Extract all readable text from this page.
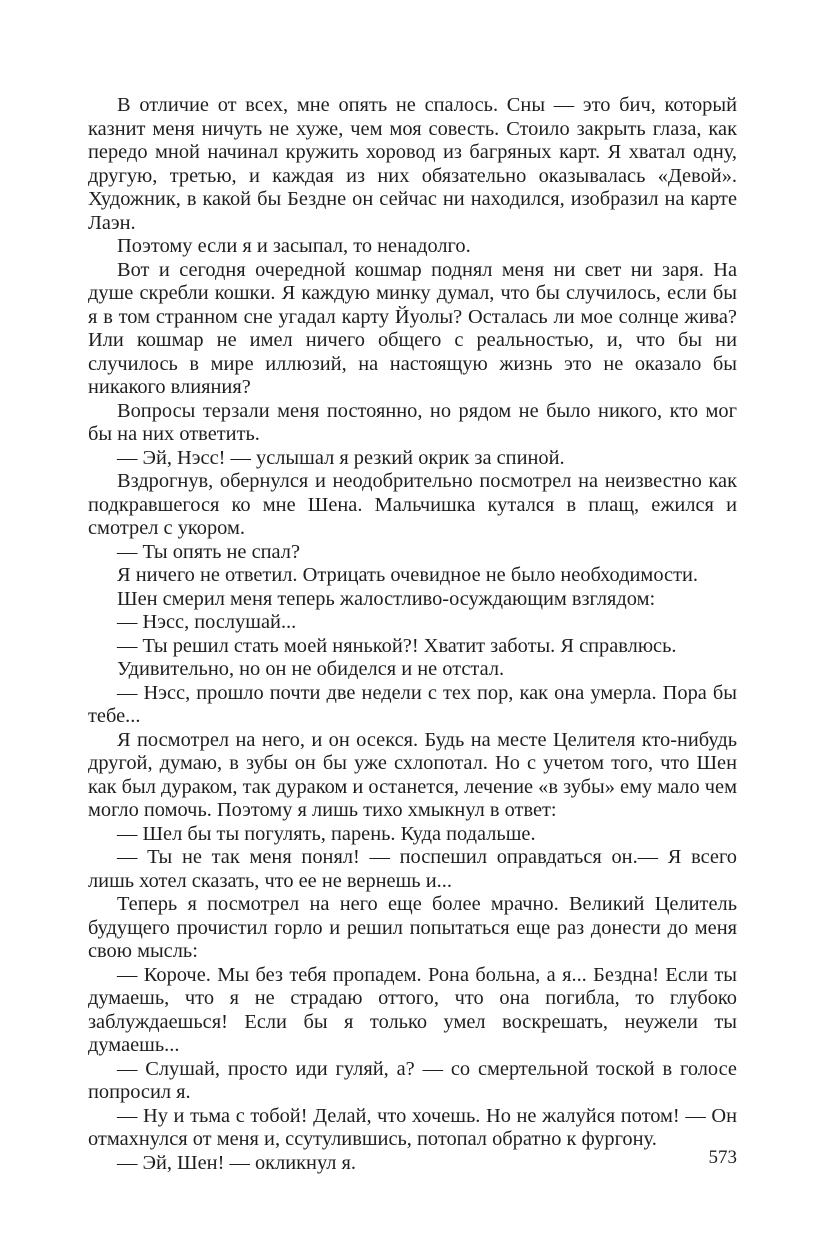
В отличие от всех, мне опять не спалось. Сны — это бич, который казнит меня ничуть не хуже, чем моя совесть. Стоило закрыть глаза, как передо мной начинал кружить хоровод из багряных карт. Я хватал одну, другую, третью, и каждая из них обязательно оказывалась «Девой». Художник, в какой бы Бездне он сейчас ни находился, изобразил на карте Лаэн.

Поэтому если я и засыпал, то ненадолго.

Вот и сегодня очередной кошмар поднял меня ни свет ни заря. На душе скребли кошки. Я каждую минку думал, что бы случилось, если бы я в том странном сне угадал карту Йуолы? Осталась ли мое солнце жива? Или кошмар не имел ничего общего с реальностью, и, что бы ни случилось в мире иллюзий, на настоящую жизнь это не оказало бы никакого влияния?

Вопросы терзали меня постоянно, но рядом не было никого, кто мог бы на них ответить.

— Эй, Нэсс! — услышал я резкий окрик за спиной.

Вздрогнув, обернулся и неодобрительно посмотрел на неизвестно как подкравшегося ко мне Шена. Мальчишка кутался в плащ, ежился и смотрел с укором.

— Ты опять не спал?

Я ничего не ответил. Отрицать очевидное не было необходимости.

Шен смерил меня теперь жалостливо-осуждающим взглядом:

— Нэсс, послушай...

— Ты решил стать моей нянькой?! Хватит заботы. Я справлюсь.

Удивительно, но он не обиделся и не отстал.

— Нэсс, прошло почти две недели с тех пор, как она умерла. Пора бы тебе...

Я посмотрел на него, и он осекся. Будь на месте Целителя кто-нибудь другой, думаю, в зубы он бы уже схлопотал. Но с учетом того, что Шен как был дураком, так дураком и останется, лечение «в зубы» ему мало чем могло помочь. Поэтому я лишь тихо хмыкнул в ответ:

— Шел бы ты погулять, парень. Куда подальше.

— Ты не так меня понял! — поспешил оправдаться он.— Я всего лишь хотел сказать, что ее не вернешь и...

Теперь я посмотрел на него еще более мрачно. Великий Целитель будущего прочистил горло и решил попытаться еще раз донести до меня свою мысль:

— Короче. Мы без тебя пропадем. Рона больна, а я... Бездна! Если ты думаешь, что я не страдаю оттого, что она погибла, то глубоко заблуждаешься! Если бы я только умел воскрешать, неужели ты думаешь...

— Слушай, просто иди гуляй, а? — со смертельной тоской в голосе попросил я.

— Ну и тьма с тобой! Делай, что хочешь. Но не жалуйся потом! — Он отмахнулся от меня и, ссутулившись, потопал обратно к фургону.

— Эй, Шен! — окликнул я.	573
